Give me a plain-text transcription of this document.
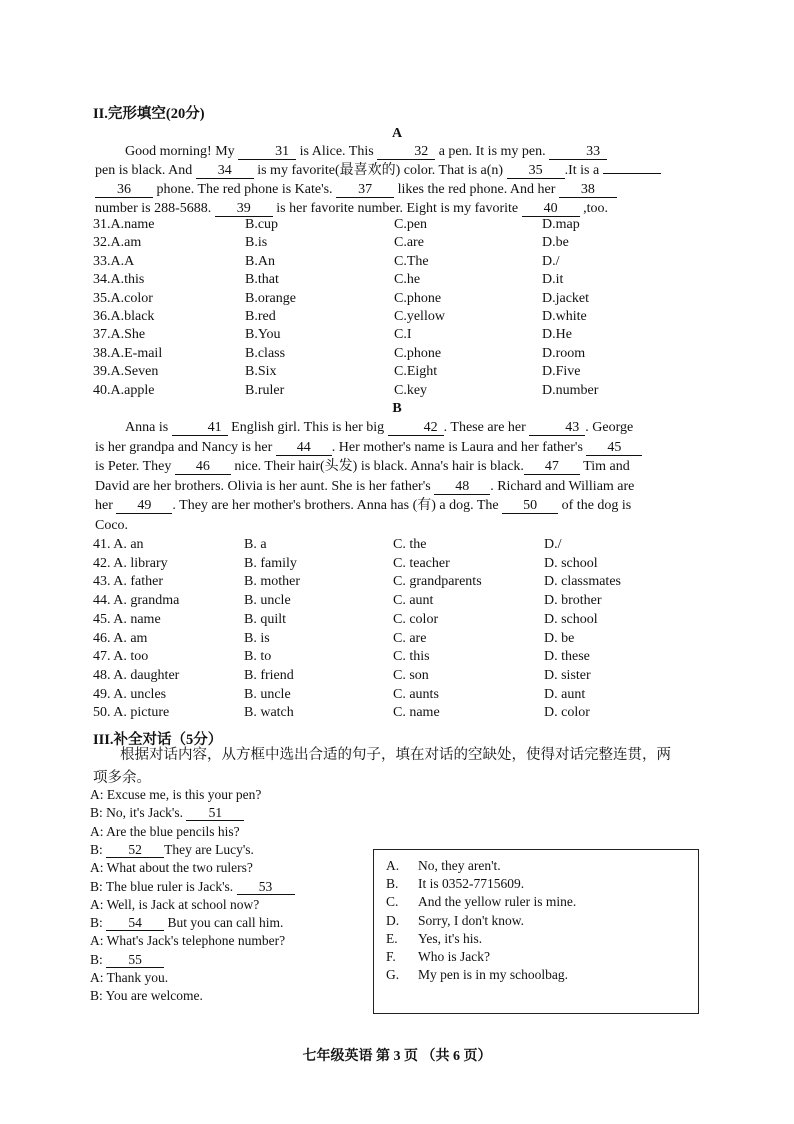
II.完形填空(20分)
A
Good morning! My	31 is Alice. This	32 a pen. It is my pen.	33
pen is black. And 34 is my favorite(最喜欢的) color. That is a(n) 35 .It is a
36 phone. The red phone is Kate's. 37 likes the red phone. And her 38
number is 288-5688. 39 is her favorite number. Eight is my favorite 40 ,too.
31.A.name	B.cup	C.pen	D.map
32.A.am	B.is	C.are	D.be
33.A.A	B.An	C.The	D./
34.A.this	B.that	C.he	D.it
35.A.color	B.orange	C.phone	D.jacket
36.A.black	B.red	C.yellow	D.white
37.A.She	B.You	C.I	D.He
38.A.E-mail	B.class	C.phone	D.room
39.A.Seven	B.Six	C.Eight	D.Five
40.A.apple	B.ruler	C.key	D.number
B
Anna is	41 English girl. This is her big	42 . These are her	43 . George
is her grandpa and Nancy is her 44 . Her mother's name is Laura and her father's 45
is Peter. They 46 nice. Their hair(头发) is black. Anna's hair is black. 47 Tim and
David are her brothers. Olivia is her aunt. She is her father's 48 . Richard and William are
her 49 . They are her mother's brothers. Anna has (有) a dog. The 50 of the dog is
Coco.
41. A. an	B. a	C. the	D./
42. A. library	B. family	C. teacher	D. school
43. A. father	B. mother	C. grandparents	D. classmates
44. A. grandma	B. uncle	C. aunt	D. brother
45. A. name	B. quilt	C. color	D. school
46. A. am	B. is	C. are	D. be
47. A. too	B. to	C. this	D. these
48. A. daughter	B. friend	C. son	D. sister
49. A. uncles	B. uncle	C. aunts	D. aunt
50. A. picture	B. watch	C. name	D. color
III.补全对话（5分）
根据对话内容，从方框中选出合适的句子，填在对话的空缺处，使得对话完整连贯，两
项多余。
A: Excuse me, is this your pen?
B: No, it's Jack's. 51
A: Are the blue pencils his?
B: 52 They are Lucy's.
A: What about the two rulers?
B: The blue ruler is Jack's. 53
A: Well, is Jack at school now?
B: 54 But you can call him.
A: What's Jack's telephone number?
B: 55
A: Thank you.
B: You are welcome.
A. No, they aren't.
B. It is 0352-7715609.
C. And the yellow ruler is mine.
D. Sorry, I don't know.
E. Yes, it's his.
F. Who is Jack?
G. My pen is in my schoolbag.
七年级英语 第 3 页 （共 6 页）
